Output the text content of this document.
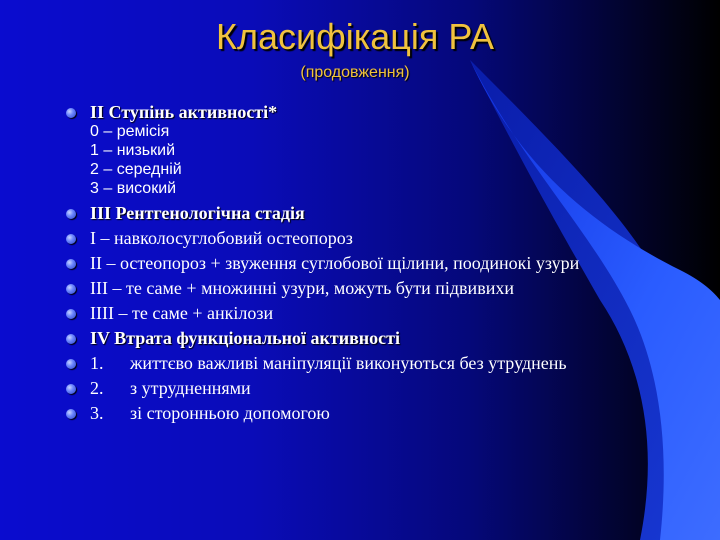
Класифікація РА
(продовження)
II Ступінь активності*
0 – ремісія
1 – низький
2 – середній
3 – високий
III Рентгенологічна стадія
I – навколосуглобовий остеопороз
II – остеопороз + звуження суглобової щілини, поодинокі узури
III – те саме + множинні узури, можуть бути підвивихи
IIII – те саме + анкілози
IV Втрата функціональної активності
1. життєво важливі маніпуляції виконуються без утруднень
2. з утрудненнями
3. зі сторонньою допомогою
